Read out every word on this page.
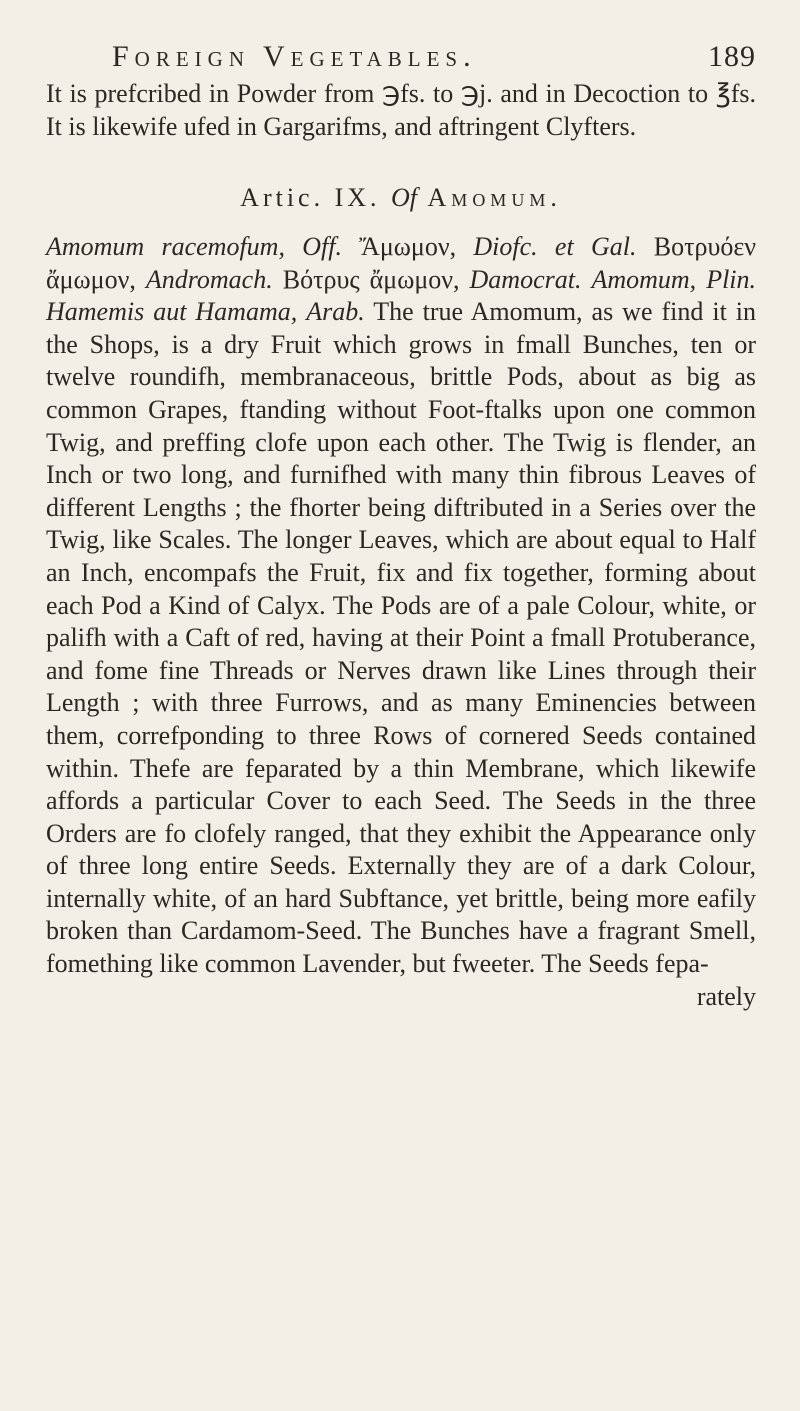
Foreign Vegetables.	189

It is prefcribed in Powder from ℈fs. to ℈j. and in Decoction to ℥fs. It is likewife ufed in Gargarifms, and aftringent Clyfters.

Artic. IX. Of Amomum.

Amomum racemofum, Off. Ἄμωμον, Diofc. et Gal. Βοτρυόεν ἄμωμον, Andromach. Βότρυς ἄμωμον, Damocrat. Amomum, Plin. Hamemis aut Hamama, Arab. The true Amomum, as we find it in the Shops, is a dry Fruit which grows in fmall Bunches, ten or twelve roundifh, membranaceous, brittle Pods, about as big as common Grapes, ftanding without Foot-ftalks upon one common Twig, and preffing clofe upon each other. The Twig is flender, an Inch or two long, and furnifhed with many thin fibrous Leaves of different Lengths ; the fhorter being diftributed in a Series over the Twig, like Scales. The longer Leaves, which are about equal to Half an Inch, encompafs the Fruit, fix and fix together, forming about each Pod a Kind of Calyx. The Pods are of a pale Colour, white, or palifh with a Caft of red, having at their Point a fmall Protuberance, and fome fine Threads or Nerves drawn like Lines through their Length ; with three Furrows, and as many Eminencies between them, correfponding to three Rows of cornered Seeds contained within. Thefe are feparated by a thin Membrane, which likewife affords a particular Cover to each Seed. The Seeds in the three Orders are fo clofely ranged, that they exhibit the Appearance only of three long entire Seeds. Externally they are of a dark Colour, internally white, of an hard Subftance, yet brittle, being more eafily broken than Cardamom-Seed. The Bunches have a fragrant Smell, fomething like common Lavender, but fweeter. The Seeds fepa-

rately
